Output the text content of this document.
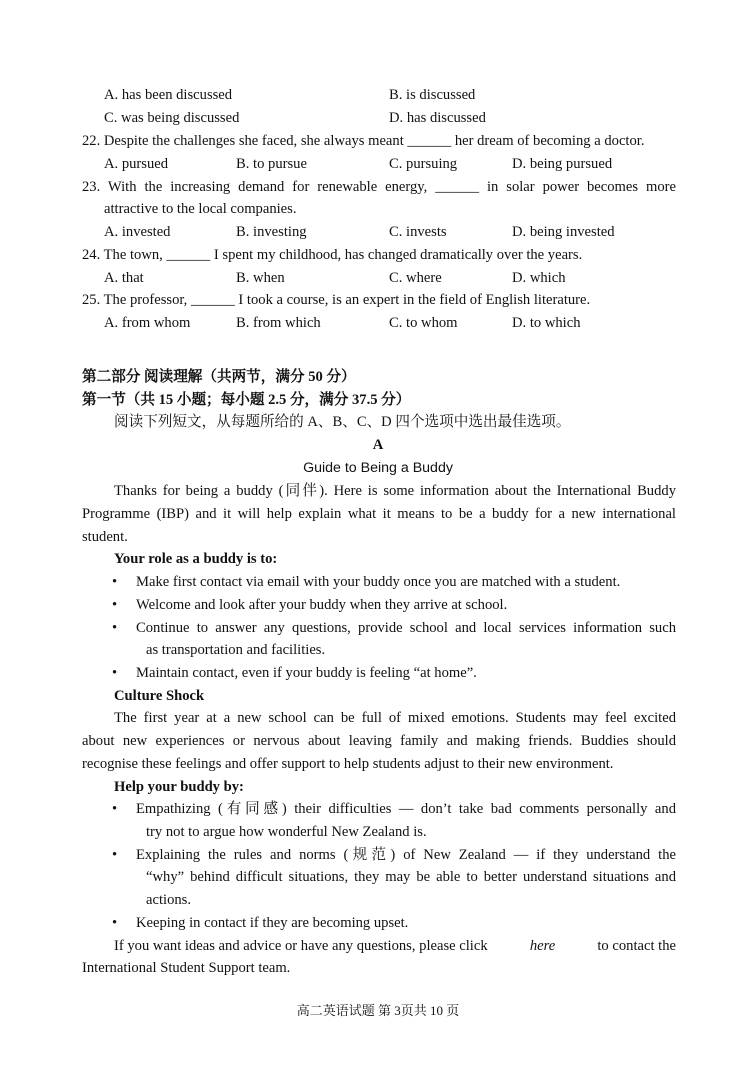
A. has been discussed	B. is discussed
C. was being discussed	D. has discussed
22. Despite the challenges she faced, she always meant ______ her dream of becoming a doctor.
A. pursued	B. to pursue	C. pursuing	D. being pursued
23. With the increasing demand for renewable energy, ______ in solar power becomes more
attractive to the local companies.
A. invested	B. investing	C. invests	D. being invested
24. The town, ______ I spent my childhood, has changed dramatically over the years.
A. that	B. when	C. where	D. which
25. The professor, ______ I took a course, is an expert in the field of English literature.
A. from whom	B. from which	C. to whom	D. to which
第二部分 阅读理解（共两节，满分 50 分）
第一节（共 15 小题；每小题 2.5 分，满分 37.5 分）
阅读下列短文，从每题所给的 A、B、C、D 四个选项中选出最佳选项。
A
Guide to Being a Buddy
Thanks for being a buddy (同伴). Here is some information about the International Buddy
Programme (IBP) and it will help explain what it means to be a buddy for a new international
student.
Your role as a buddy is to:
• Make first contact via email with your buddy once you are matched with a student.
• Welcome and look after your buddy when they arrive at school.
• Continue to answer any questions, provide school and local services information such
as transportation and facilities.
• Maintain contact, even if your buddy is feeling “at home”.
Culture Shock
The first year at a new school can be full of mixed emotions. Students may feel excited
about new experiences or nervous about leaving family and making friends. Buddies should
recognise these feelings and offer support to help students adjust to their new environment.
Help your buddy by:
• Empathizing (有同感) their difficulties — don’t take bad comments personally and
try not to argue how wonderful New Zealand is.
• Explaining the rules and norms (规范) of New Zealand — if they understand the
“why” behind difficult situations, they may be able to better understand situations and
actions.
• Keeping in contact if they are becoming upset.
If you want ideas and advice or have any questions, please click	here	to contact the
International Student Support team.
高二英语试题 第 3页共 10 页
